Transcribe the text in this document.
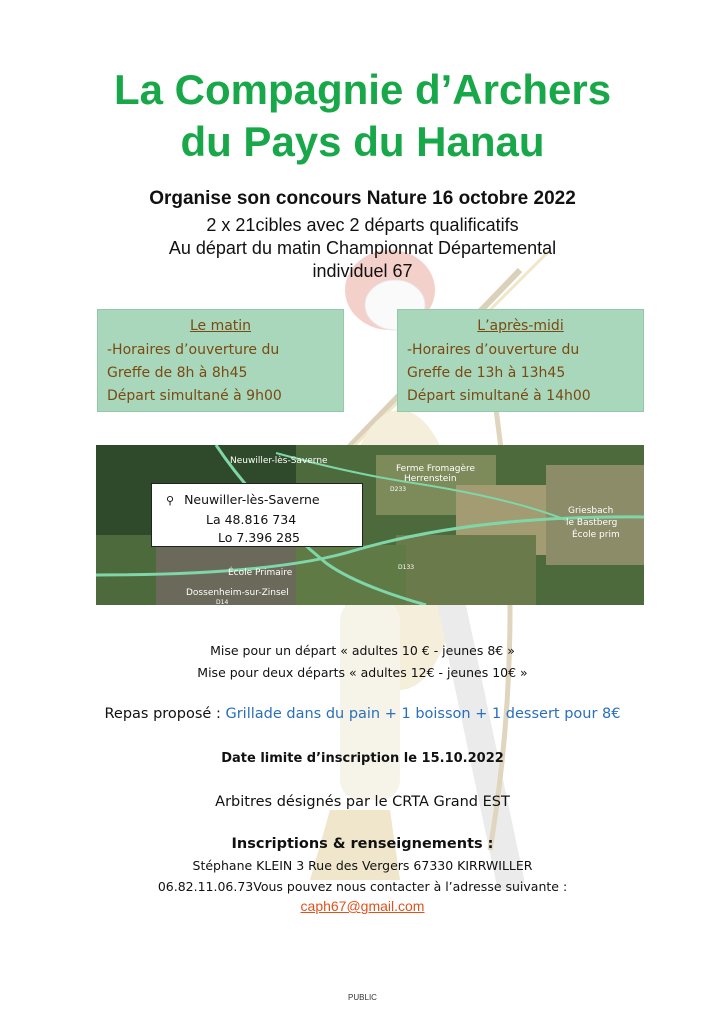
La Compagnie d’Archers
du Pays du Hanau
Organise son concours Nature 16 octobre 2022
2 x 21cibles avec 2 départs qualificatifs
Au départ du matin Championnat Départemental
individuel 67
Le matin
-Horaires d’ouverture du
Greffe de 8h à 8h45
Départ simultané à 9h00
L’après-midi
-Horaires d’ouverture du
Greffe de 13h à 13h45
Départ simultané à 14h00
Neuwiller-lès-Saverne
Ferme Fromagère
Herrenstein
Griesbach
le Bastberg
École prim
École Primaire
Dossenheim-sur-Zinsel
D233
D133
D14
⚲ Neuwiller-lès-Saverne
La 48.816 734
Lo 7.396 285
Mise pour un départ « adultes 10 € - jeunes 8€ »
Mise pour deux départs « adultes 12€ - jeunes 10€ »
Repas proposé : Grillade dans du pain + 1 boisson + 1 dessert pour 8€
Date limite d’inscription le 15.10.2022
Arbitres désignés par le CRTA Grand EST
Inscriptions & renseignements :
Stéphane KLEIN 3 Rue des Vergers 67330 KIRRWILLER
06.82.11.06.73Vous pouvez nous contacter à l’adresse suivante :
caph67@gmail.com
PUBLIC
